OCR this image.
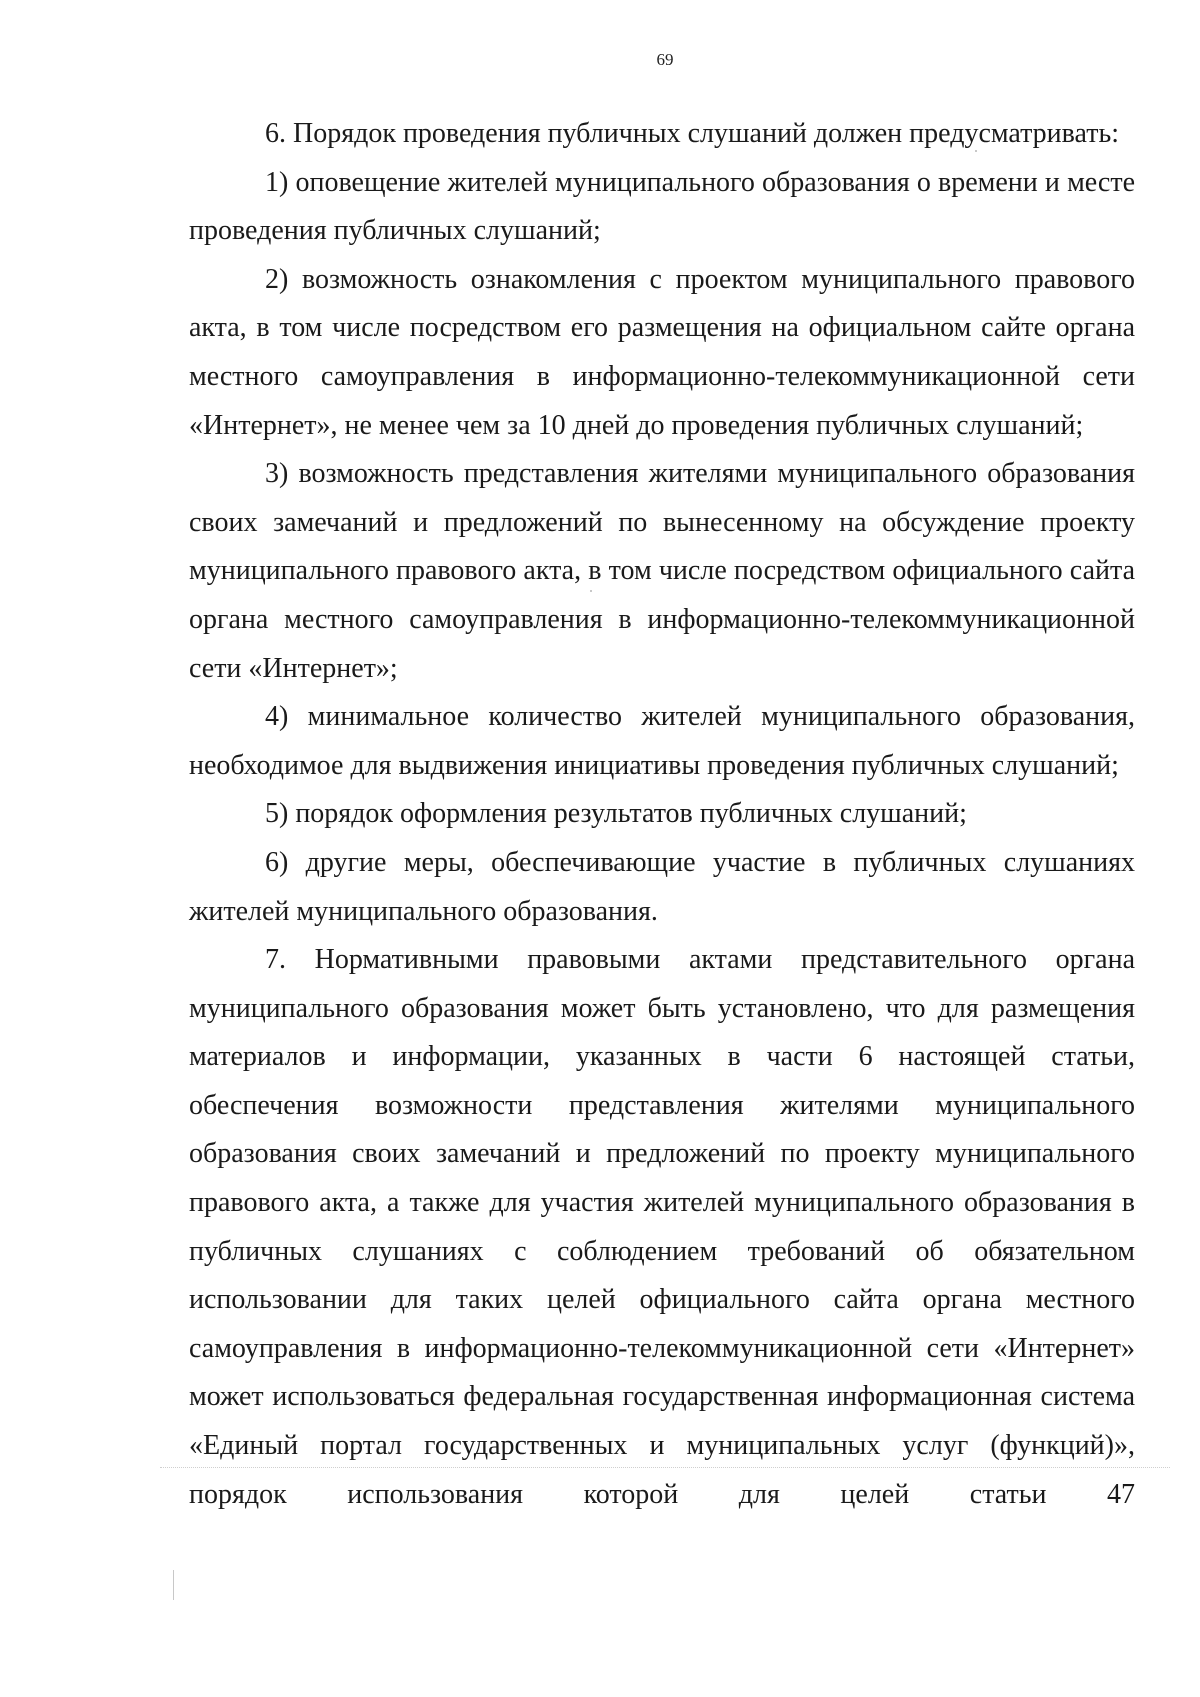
69

6. Порядок проведения публичных слушаний должен предусматривать:

1) оповещение жителей муниципального образования о времени и месте проведения публичных слушаний;

2) возможность ознакомления с проектом муниципального правового акта, в том числе посредством его размещения на официальном сайте органа местного самоуправления в информационно-телекоммуникационной сети «Интернет», не менее чем за 10 дней до проведения публичных слушаний;

3) возможность представления жителями муниципального образования своих замечаний и предложений по вынесенному на обсуждение проекту муниципального правового акта, в том числе посредством официального сайта органа местного самоуправления в информационно-телекоммуникационной сети «Интернет»;

4) минимальное количество жителей муниципального образования, необходимое для выдвижения инициативы проведения публичных слушаний;

5) порядок оформления результатов публичных слушаний;

6) другие меры, обеспечивающие участие в публичных слушаниях жителей муниципального образования.

7. Нормативными правовыми актами представительного органа муниципального образования может быть установлено, что для размещения материалов и информации, указанных в части 6 настоящей статьи, обеспечения возможности представления жителями муниципального образования своих замечаний и предложений по проекту муниципального правового акта, а также для участия жителей муниципального образования в публичных слушаниях с соблюдением требований об обязательном использовании для таких целей официального сайта органа местного самоуправления в информационно-телекоммуникационной сети «Интернет» может использоваться федеральная государственная информационная система «Единый портал государственных и муниципальных услуг (функций)», порядок использования которой для целей статьи 47
